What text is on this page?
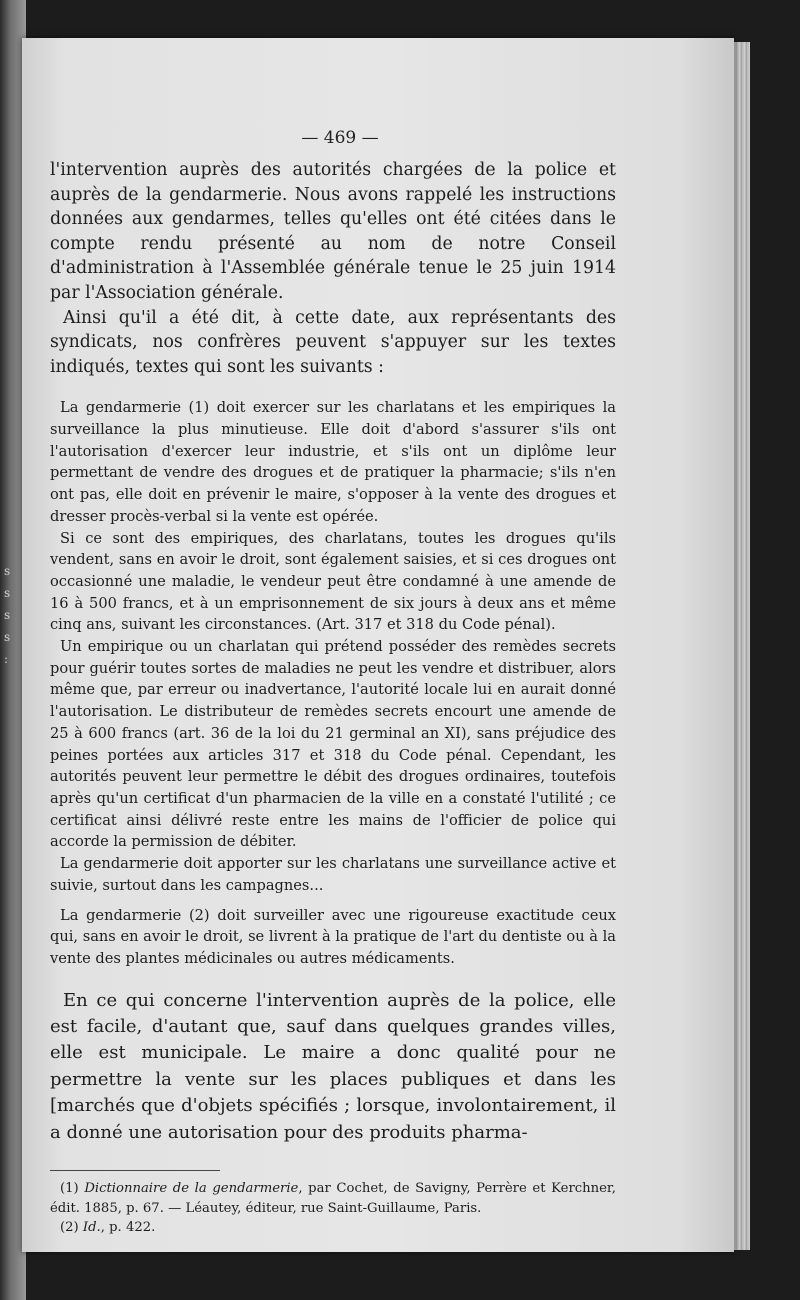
s
s
s
s
:
— 469 —

l'intervention auprès des autorités chargées de la police et auprès de la gendarmerie. Nous avons rappelé les instructions données aux gendarmes, telles qu'elles ont été citées dans le compte rendu présenté au nom de notre Conseil d'administration à l'Assemblée générale tenue le 25 juin 1914 par l'Association générale.

Ainsi qu'il a été dit, à cette date, aux représentants des syndicats, nos confrères peuvent s'appuyer sur les textes indiqués, textes qui sont les suivants :

La gendarmerie (1) doit exercer sur les charlatans et les empiriques la surveillance la plus minutieuse. Elle doit d'abord s'assurer s'ils ont l'autorisation d'exercer leur industrie, et s'ils ont un diplôme leur permettant de vendre des drogues et de pratiquer la pharmacie; s'ils n'en ont pas, elle doit en prévenir le maire, s'opposer à la vente des drogues et dresser procès-verbal si la vente est opérée.

Si ce sont des empiriques, des charlatans, toutes les drogues qu'ils vendent, sans en avoir le droit, sont également saisies, et si ces drogues ont occasionné une maladie, le vendeur peut être condamné à une amende de 16 à 500 francs, et à un emprisonnement de six jours à deux ans et même cinq ans, suivant les circonstances. (Art. 317 et 318 du Code pénal).

Un empirique ou un charlatan qui prétend posséder des remèdes secrets pour guérir toutes sortes de maladies ne peut les vendre et distribuer, alors même que, par erreur ou inadvertance, l'autorité locale lui en aurait donné l'autorisation. Le distributeur de remèdes secrets encourt une amende de 25 à 600 francs (art. 36 de la loi du 21 germinal an XI), sans préjudice des peines portées aux articles 317 et 318 du Code pénal. Cependant, les autorités peuvent leur permettre le débit des drogues ordinaires, toutefois après qu'un certificat d'un pharmacien de la ville en a constaté l'utilité ; ce certificat ainsi délivré reste entre les mains de l'officier de police qui accorde la permission de débiter.

La gendarmerie doit apporter sur les charlatans une surveillance active et suivie, surtout dans les campagnes...

La gendarmerie (2) doit surveiller avec une rigoureuse exactitude ceux qui, sans en avoir le droit, se livrent à la pratique de l'art du dentiste ou à la vente des plantes médicinales ou autres médicaments.

En ce qui concerne l'intervention auprès de la police, elle est facile, d'autant que, sauf dans quelques grandes villes, elle est municipale. Le maire a donc qualité pour ne permettre la vente sur les places publiques et dans les [marchés que d'objets spécifiés ; lorsque, involontairement, il a donné une autorisation pour des produits pharma-

(1) Dictionnaire de la gendarmerie, par Cochet, de Savigny, Perrère et Kerchner, édit. 1885, p. 67. — Léautey, éditeur, rue Saint-Guillaume, Paris.

(2) Id., p. 422.
